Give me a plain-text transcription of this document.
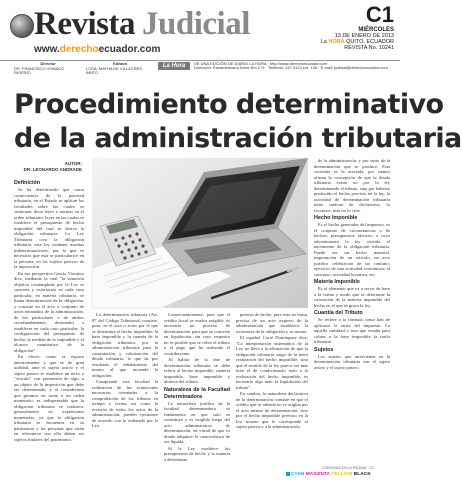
Revista Judicial
www.derechoecuador.com
C1
MIÉRCOLES
13 DE ENERO DE 2013
La HORA QUITO, ECUADOR
REVISTA No. 10241
Director
DR. FRANCISCO VIVANCO RIOFRÍO
Editora
LCDA. MATHILDE VILLACRES BRITO
La Hora	DE UNA EDICIÓN DE DIARIO LA HORA · http://www.derechoecuador.com
Dirección: Panamericana Norte Km 2 ½ · Teléfono: 247 5113 ext. 136 · E-mail: judicial@derechoecuador.com
Procedimiento determinativo
de la administración tributaria
AUTOR:
DR. LEONARDO ANDRADE
Definición

Se ha determinado que como consecuencia de la potestad tributaria, en el Estado se aplican las facultades sobre las cuales se sostienen, dicta leyes y normas en el orden tributario; leyes en las cuales se establece el presupuesto de hecho imponible del cual se deriva la obligación tributaria. La Ley Tributaria crea la obligación tributaria, esta ley contiene muchas indeterminaciones, por lo que es necesario que esta se particularice en la persona, en los sujetos pasivos de la imposición.

En esa perspectiva García Vizcaíno dice, mediante la cual "la situación objetiva contemplada por la Ley se concreta y exterioriza en cada caso particular, en materia tributaria, se llama determinación de la obligación, y consiste en el acto o conjunto de actos emanados de la administración, de los particulares o de ambos coordinadamente, destinados a establecer en cada caso particular, la configuración del presupuesto de hecho, la medida de lo imponible y el alcance cuantitativo de la obligación".

En efecto, como se expuso anteriormente y que se de gran utilidad, ante el sujeto activo y el sujeto pasivo se establece un nexo o "vínculo" con pretensión de algo, a un objeto de la imposición que debe ser determinado; y al considerarse que giramos en torno a un orden monetario, es indispensable que la obligación tributaria se traduzca, generalmente en expresiones monetarias, ya que la obligación tributaria se encuentra en su patrimonio y las personas que están en relevancia con ella deben ser sujetos titulares del patrimonio.

La determinación tributaria (Art. 87 del Código Tributario) consiste, pues, en el acto o actos por el que se determina el hecho imponible, la base imponible y la cuantía de la obligación tributaria, por la administración tributaria para la constatación y valorización del deuda tributaria, lo que da por resultado el señalamiento del monto al que asciende la obligación.

Comprende esta facultad la realización de las actuaciones necesarias orientadas a la comprobación de los tributos en tiempo y forma, así como la revisión de todos los actos de la administración; pueden ejecutarse de acuerdo con lo ordenado por la Ley.

Consecuentemente, para que el crédito fiscal se vuelva exigible, es necesario un proceso de determinación para que se concrete en liquidación, sin cuyo requisito no es posible que se cobre el tributo o el pago que ha realizado el contribuyente.

Al hablar de la fase de determinación tributaria se debe referir al hecho imponible, materia imponible, base imponible y alcance del tributo.

Naturaleza de la Facultad Determinadora

La naturaleza jurídica de la facultad determinadora se fundamenta en que solo se constituye y es exigible luego del acto administrativo de determinación, en virtud de que es donde adquiere la característica de ser líquida.

Si la Ley establece los presupuestos de hecho y la materia a determinar.

puestos de hecho, pero esto no basta, precisa de un acto expreso de la administración que establezca la existencia de la obligación y su monto.

El español Corté Domínguez dice: "La interpretación sistemática de la Ley no lleva a la afirmación de que la obligación tributaria surge de la mera realización del hecho imponible, sino que el sentido de la ley parece ser más bien el de condicionarlo todo a la realización del hecho imponible, es necesario algo más: la liquidación del tributo".

En cambio, la naturaleza declarativa de la determinación consiste en que el crédito que se adeuda no se origina por el acto mismo de determinación, sino por el hecho imponible previsto en la ley, mismo que le corresponde al sujeto pasivo o a la administración.

de la administración, y por tanto de la determinación que se produce. Esta corriente es la acertada, por cuanto afirma la concepción de que la deuda tributaria existe no por la ley determinando el tributo, sino por haberse producido el hecho previsto en la ley, la actividad de determinación tributaria tiene carácter de declarativa, lo reconoce, más no lo crea.

Hecho Imponible

Es el hecho generador del impuesto, es el conjunto de circunstancias o de hechos, presupuestos fácticos, a cuyo advenimiento la ley vincula el nacimiento de la obligación tributaria. Puede ser un hecho material, importación de un artículo, un acto jurídico celebración de un contrato; ejercicio de una actividad económica; el concurso; actividad lucrativa, etc.

Materia Imponible

Es el elemento que va a servir de base a la forma y modo que se determine la valoración de la materia imponible del hecho en el que se grava la ley.

Cuantía del Tributo

Se refiere a la fórmula como han de aplicarse la tarifa del impuesto. La aquella cantidad o tasa que resulta para cobrar a la base imponible la tarifa tributaria.

Sujetos

Los sujetos que intervienen en la determinación tributaria son el sujeto activo y el sujeto pasivo.

CONTINÚA EN LA PÁGINA · C2
CYAN MAGENTA YELLOW BLACK
